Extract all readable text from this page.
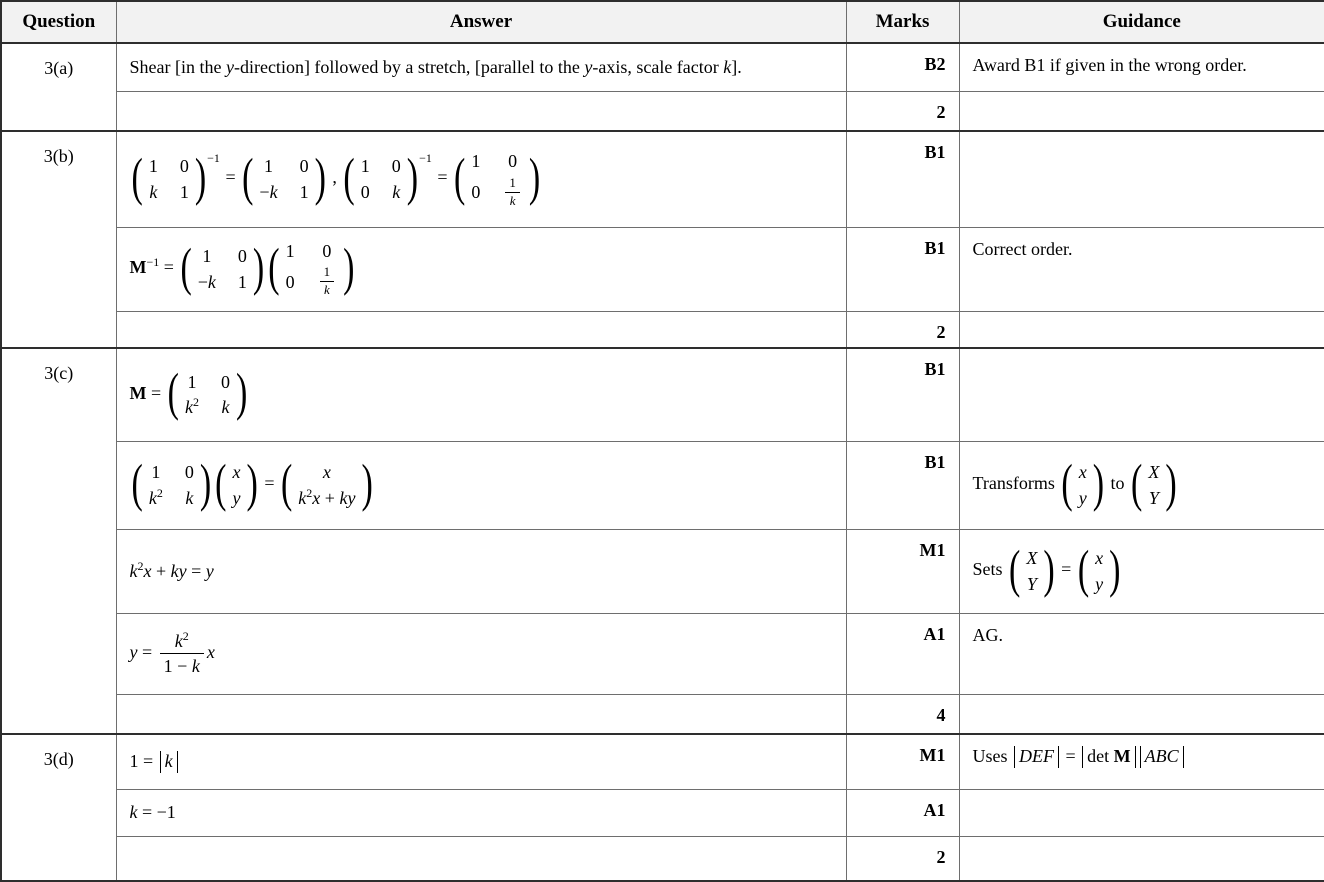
Question	Answer	Marks	Guidance
3(a)	Shear [in the y-direction] followed by a stretch, [parallel to the y-axis, scale factor k].	B2	Award B1 if given in the wrong order.
		2	
3(b)	( 1 0
k 1 ) −1
= ( 1 0
−k 1 ) , ( 1 0
0 k ) −1
= ( 1 0
$0 \frac{1}{k}$ )	B1	
$M^{-1}$ = ( 1 0
−k 1 ) ( 1 0
$0 \frac{1}{k}$ )	B1	Correct order.
		2	
3(c)	M = ( 1 0
$k^2$ k )	B1	

( 1 0
$k^2$ k ) ( x
y ) = ( x
$k^2x$ + ky )	B1	Transforms ( x
y ) to ( X
Y )

$k^2x$ + ky = y	M1	Sets ( X
Y ) = ( x
y )

	$y = \frac{k^2}{1 - k}$ x	A1	AG.
		4	
3(d)	1 = k	M1	Uses DEF = det M ABC
	k = −1	A1	
		2	
